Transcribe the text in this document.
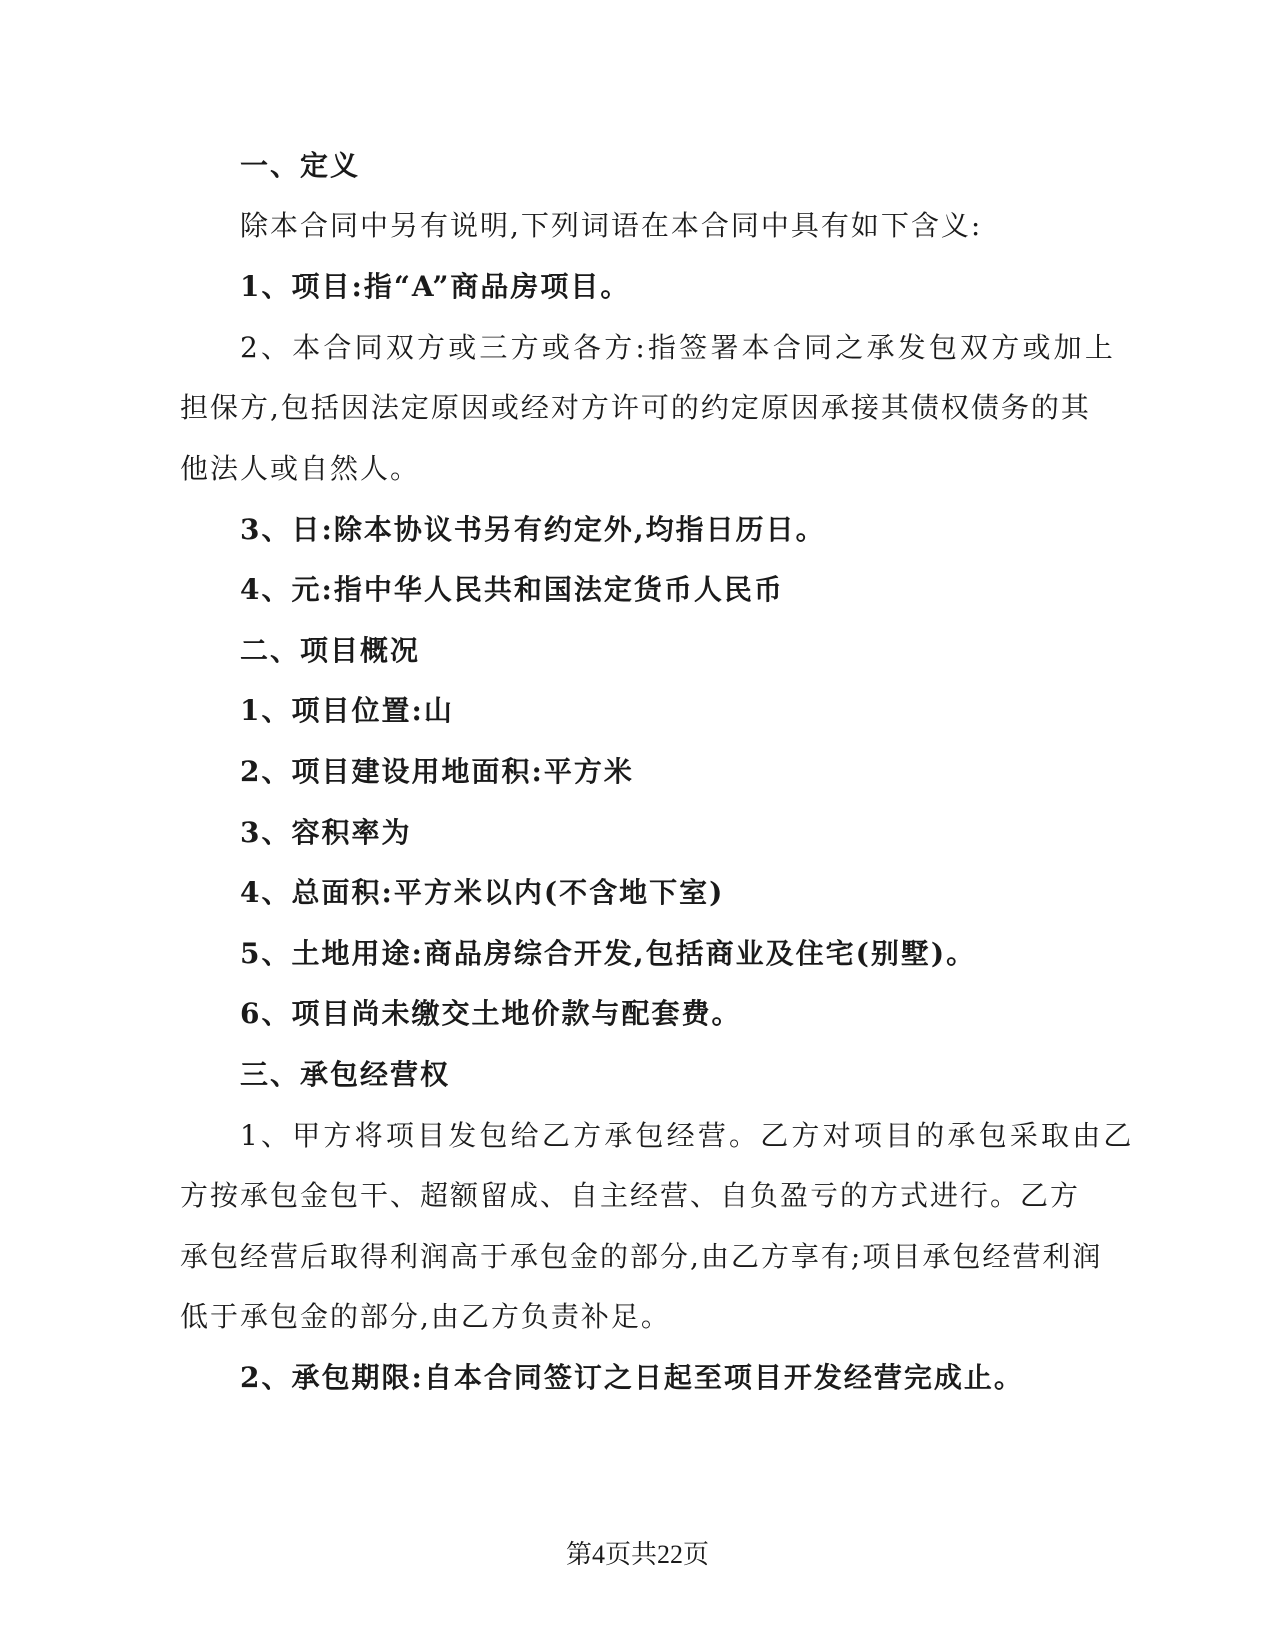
一、定义
除本合同中另有说明,下列词语在本合同中具有如下含义:
1、项目:指“A”商品房项目。
2、本合同双方或三方或各方:指签署本合同之承发包双方或加上
担保方,包括因法定原因或经对方许可的约定原因承接其债权债务的其
他法人或自然人。
3、日:除本协议书另有约定外,均指日历日。
4、元:指中华人民共和国法定货币人民币
二、项目概况
1、项目位置:山
2、项目建设用地面积:平方米
3、容积率为
4、总面积:平方米以内(不含地下室)
5、土地用途:商品房综合开发,包括商业及住宅(别墅)。
6、项目尚未缴交土地价款与配套费。
三、承包经营权
1、甲方将项目发包给乙方承包经营。乙方对项目的承包采取由乙
方按承包金包干、超额留成、自主经营、自负盈亏的方式进行。乙方
承包经营后取得利润高于承包金的部分,由乙方享有;项目承包经营利润
低于承包金的部分,由乙方负责补足。
2、承包期限:自本合同签订之日起至项目开发经营完成止。
第4页共22页
